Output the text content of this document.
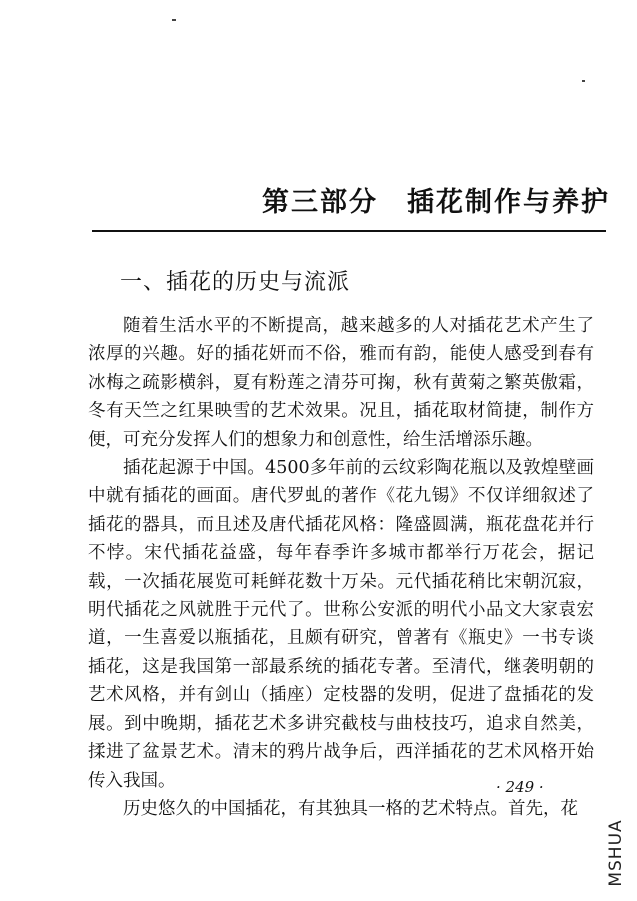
第三部分　插花制作与养护
一、插花的历史与流派

随着生活水平的不断提高，越来越多的人对插花艺术产生了浓厚的兴趣。好的插花妍而不俗，雅而有韵，能使人感受到春有冰梅之疏影横斜，夏有粉莲之清芬可掬，秋有黄菊之繁英傲霜，冬有天竺之红果映雪的艺术效果。况且，插花取材简捷，制作方便，可充分发挥人们的想象力和创意性，给生活增添乐趣。

插花起源于中国。4500多年前的云纹彩陶花瓶以及敦煌壁画中就有插花的画面。唐代罗虬的著作《花九锡》不仅详细叙述了插花的器具，而且述及唐代插花风格：隆盛圆满，瓶花盘花并行不悖。宋代插花益盛，每年春季许多城市都举行万花会，据记载，一次插花展览可耗鲜花数十万朵。元代插花稍比宋朝沉寂，明代插花之风就胜于元代了。世称公安派的明代小品文大家袁宏道，一生喜爱以瓶插花，且颇有研究，曾著有《瓶史》一书专谈插花，这是我国第一部最系统的插花专著。至清代，继袭明朝的艺术风格，并有剑山（插座）定枝器的发明，促进了盘插花的发展。到中晚期，插花艺术多讲究截枝与曲枝技巧，追求自然美，揉进了盆景艺术。清末的鸦片战争后，西洋插花的艺术风格开始传入我国。

历史悠久的中国插花，有其独具一格的艺术特点。首先，花

· 249 ·
MSHUA
